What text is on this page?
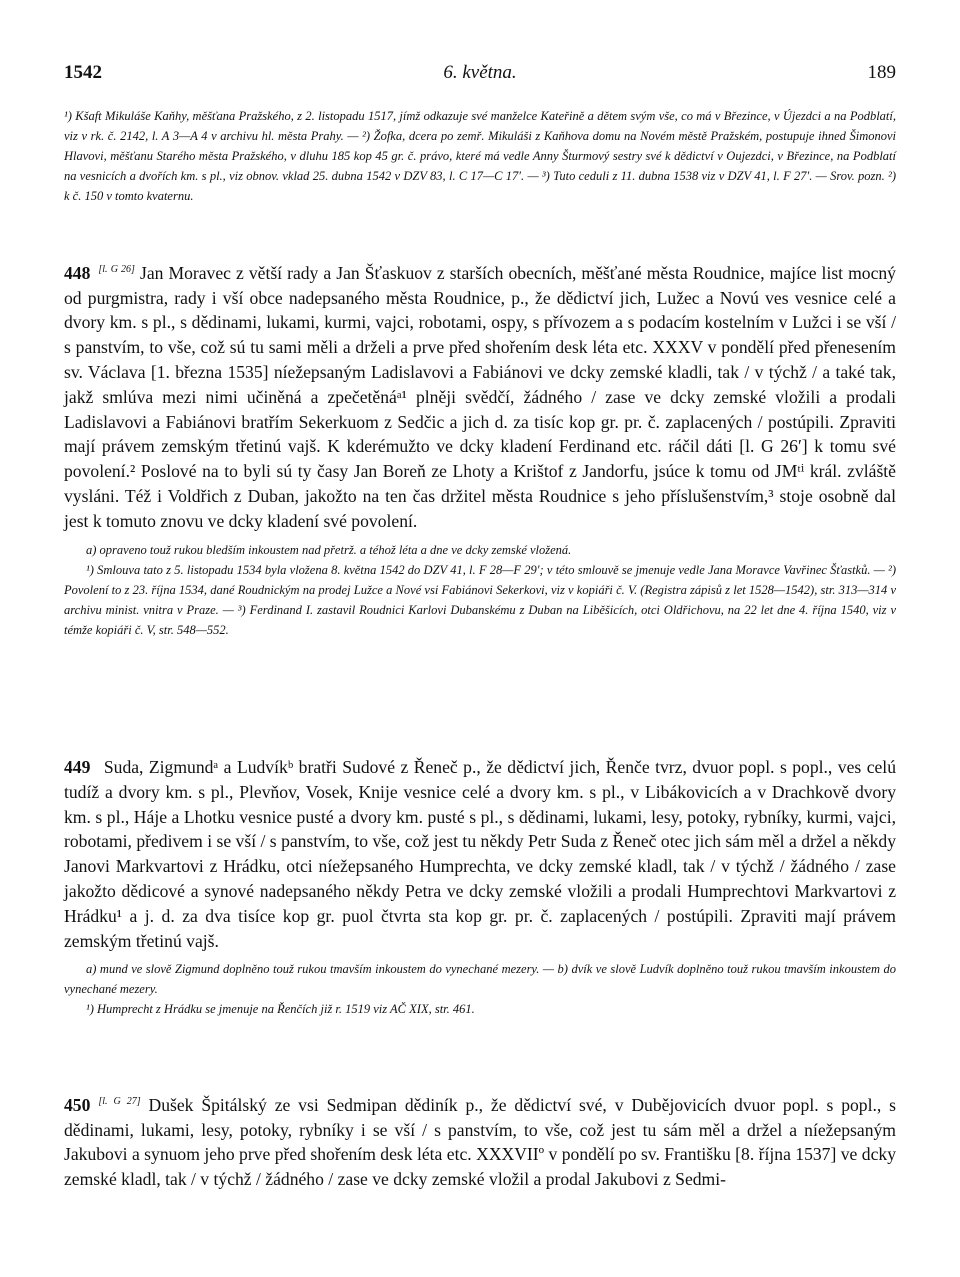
1542	6. května.	189
¹) Kšaft Mikuláše Kaňhy, měšťana Pražského, z 2. listopadu 1517, jímž odkazuje své manželce Kateřině a dětem svým vše, co má v Březince, v Újezdci a na Podblatí, viz v rk. č. 2142, l. A 3—A 4 v archivu hl. města Prahy. — ²) Žofka, dcera po zemř. Mikuláši z Kaňhova domu na Novém městě Pražském, postupuje ihned Šimonovi Hlavovi, měšťanu Starého města Pražského, v dluhu 185 kop 45 gr. č. právo, které má vedle Anny Šturmový sestry své k dědictví v Oujezdci, v Březince, na Podblatí na vesnicích a dvořích km. s pl., viz obnov. vklad 25. dubna 1542 v DZV 83, l. C 17—C 17′. — ³) Tuto ceduli z 11. dubna 1538 viz v DZV 41, l. F 27′. — Srov. pozn. ²) k č. 150 v tomto kvaternu.
448 [l. G 26] Jan Moravec z větší rady a Jan Šťaskuov z starších obecních, měšťané města Roudnice, majíce list mocný od purgmistra, rady i vší obce nadepsaného města Roudnice, p., že dědictví jich, Lužec a Novú ves vesnice celé a dvory km. s pl., s dědinami, lukami, kurmi, vajci, robotami, ospy, s přívozem a s podacím kostelním v Lužci i se vší / s panstvím, to vše, což sú tu sami měli a drželi a prve před shořením desk léta etc. XXXV v pondělí před přenesením sv. Václava [1. března 1535] níežepsaným Ladislavovi a Fabiánovi ve dcky zemské kladli, tak / v týchž / a také tak, jakž smlúva mezi nimi učiněná a zpečetěnáᵃ¹ plněji svědčí, žádného / zase ve dcky zemské vložili a prodali Ladislavovi a Fabiánovi bratřím Sekerkuom z Sedčic a jich d. za tisíc kop gr. pr. č. zaplacených / postúpili. Zpraviti mají právem zemským třetinú vajš. K kderémužto ve dcky kladení Ferdinand etc. ráčil dáti [l. G 26′] k tomu své povolení.² Poslové na to byli sú ty časy Jan Boreň ze Lhoty a Krištof z Jandorfu, jsúce k tomu od JMᵗⁱ král. zvláště vysláni. Též i Voldřich z Duban, jakožto na ten čas držitel města Roudnice s jeho příslušenstvím,³ stoje osobně dal jest k tomuto znovu ve dcky kladení své povolení.

a) opraveno touž rukou bledším inkoustem nad přetrž. a téhož léta a dne ve dcky zemské vložená.

¹) Smlouva tato z 5. listopadu 1534 byla vložena 8. května 1542 do DZV 41, l. F 28—F 29′; v této smlouvě se jmenuje vedle Jana Moravce Vavřinec Šťastků. — ²) Povolení to z 23. října 1534, dané Roudnickým na prodej Lužce a Nové vsi Fabiánovi Sekerkovi, viz v kopiáři č. V. (Registra zápisů z let 1528—1542), str. 313—314 v archivu minist. vnitra v Praze. — ³) Ferdinand I. zastavil Roudnici Karlovi Dubanskému z Duban na Liběšicích, otci Oldřichovu, na 22 let dne 4. října 1540, viz v témže kopiáři č. V, str. 548—552.

449 Suda, Zigmundᵃ a Ludvíkᵇ bratři Sudové z Řeneč p., že dědictví jich, Řenče tvrz, dvuor popl. s popl., ves celú tudíž a dvory km. s pl., Plevňov, Vosek, Knije vesnice celé a dvory km. s pl., v Libákovicích a v Drachkově dvory km. s pl., Háje a Lhotku vesnice pusté a dvory km. pusté s pl., s dědinami, lukami, lesy, potoky, rybníky, kurmi, vajci, robotami, předivem i se vší / s panstvím, to vše, což jest tu někdy Petr Suda z Řeneč otec jich sám měl a držel a někdy Janovi Markvartovi z Hrádku, otci níežepsaného Humprechta, ve dcky zemské kladl, tak / v týchž / žádného / zase jakožto dědicové a synové nadepsaného někdy Petra ve dcky zemské vložili a prodali Humprechtovi Markvartovi z Hrádku¹ a j. d. za dva tisíce kop gr. puol čtvrta sta kop gr. pr. č. zaplacených / postúpili. Zpraviti mají právem zemským třetinú vajš.

a) mund ve slově Zigmund doplněno touž rukou tmavším inkoustem do vynechané mezery. — b) dvík ve slově Ludvík doplněno touž rukou tmavším inkoustem do vynechané mezery.

¹) Humprecht z Hrádku se jmenuje na Řenčích již r. 1519 viz AČ XIX, str. 461.

450 [l. G 27] Dušek Špitálský ze vsi Sedmipan dědiník p., že dědictví své, v Dubějovicích dvuor popl. s popl., s dědinami, lukami, lesy, potoky, rybníky i se vší / s panstvím, to vše, což jest tu sám měl a držel a níežepsaným Jakubovi a synuom jeho prve před shořením desk léta etc. XXXVIIº v pondělí po sv. Františku [8. října 1537] ve dcky zemské kladl, tak / v týchž / žádného / zase ve dcky zemské vložil a prodal Jakubovi z Sedmi-
